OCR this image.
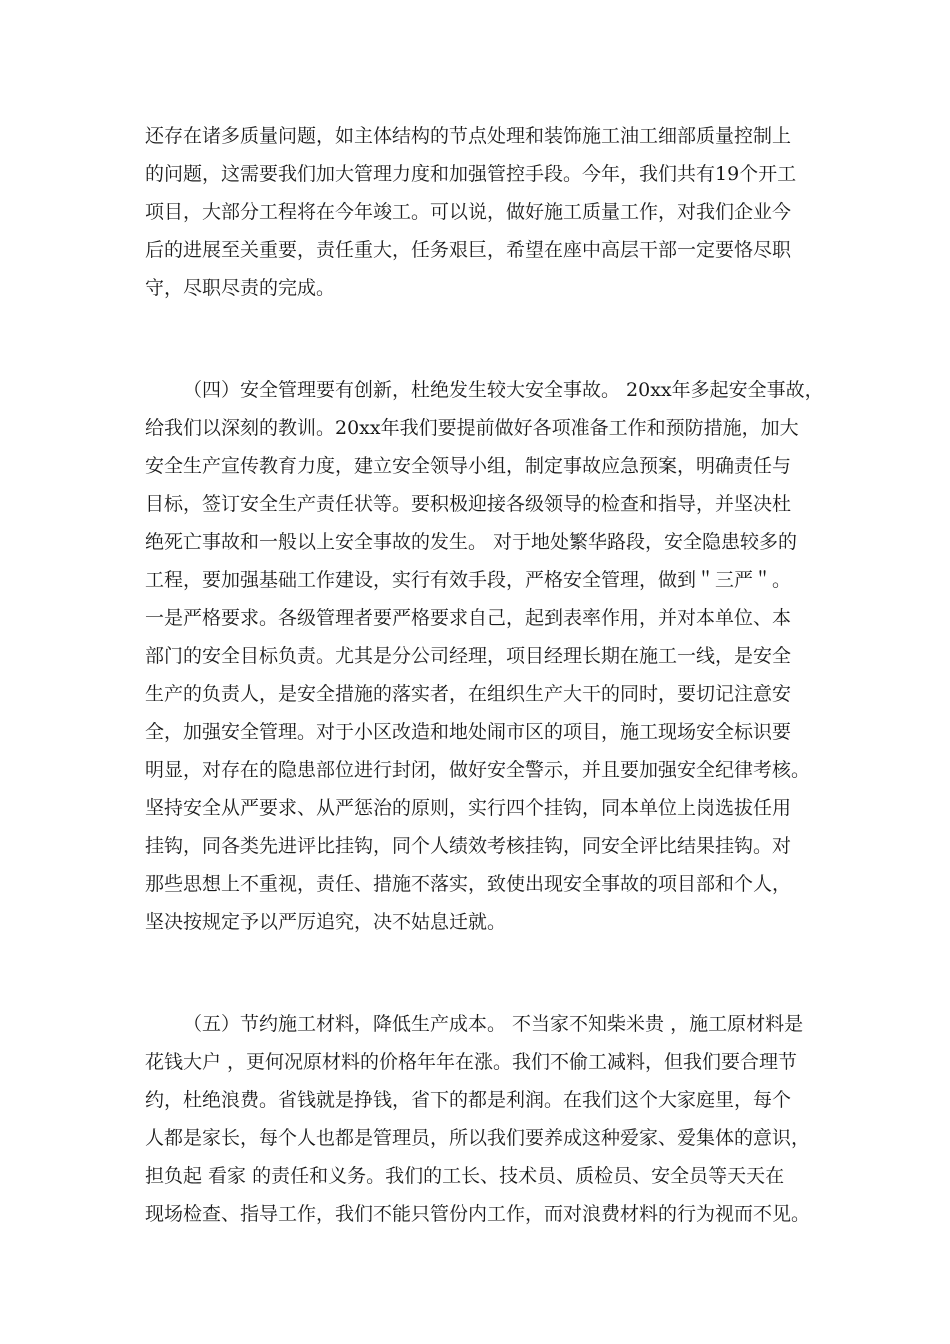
还存在诸多质量问题，如主体结构的节点处理和装饰施工油工细部质量控制上
的问题，这需要我们加大管理力度和加强管控手段。今年，我们共有19个开工
项目，大部分工程将在今年竣工。可以说，做好施工质量工作，对我们企业今
后的进展至关重要，责任重大，任务艰巨，希望在座中高层干部一定要恪尽职
守，尽职尽责的完成。
（四）安全管理要有创新，杜绝发生较大安全事故。 20xx年多起安全事故，
给我们以深刻的教训。20xx年我们要提前做好各项准备工作和预防措施，加大
安全生产宣传教育力度，建立安全领导小组，制定事故应急预案，明确责任与
目标，签订安全生产责任状等。要积极迎接各级领导的检查和指导，并坚决杜
绝死亡事故和一般以上安全事故的发生。 对于地处繁华路段，安全隐患较多的
工程，要加强基础工作建设，实行有效手段，严格安全管理，做到＂三严＂。
一是严格要求。各级管理者要严格要求自己，起到表率作用，并对本单位、本
部门的安全目标负责。尤其是分公司经理，项目经理长期在施工一线，是安全
生产的负责人，是安全措施的落实者，在组织生产大干的同时，要切记注意安
全，加强安全管理。对于小区改造和地处闹市区的项目，施工现场安全标识要
明显，对存在的隐患部位进行封闭，做好安全警示，并且要加强安全纪律考核。
坚持安全从严要求、从严惩治的原则，实行四个挂钩，同本单位上岗选拔任用
挂钩，同各类先进评比挂钩，同个人绩效考核挂钩，同安全评比结果挂钩。对
那些思想上不重视，责任、措施不落实，致使出现安全事故的项目部和个人，
坚决按规定予以严厉追究，决不姑息迁就。
（五）节约施工材料，降低生产成本。 不当家不知柴米贵 ，施工原材料是
花钱大户 ，更何况原材料的价格年年在涨。我们不偷工减料，但我们要合理节
约，杜绝浪费。省钱就是挣钱，省下的都是利润。在我们这个大家庭里，每个
人都是家长，每个人也都是管理员，所以我们要养成这种爱家、爱集体的意识，
担负起 看家 的责任和义务。我们的工长、技术员、质检员、安全员等天天在
现场检查、指导工作，我们不能只管份内工作，而对浪费材料的行为视而不见。
